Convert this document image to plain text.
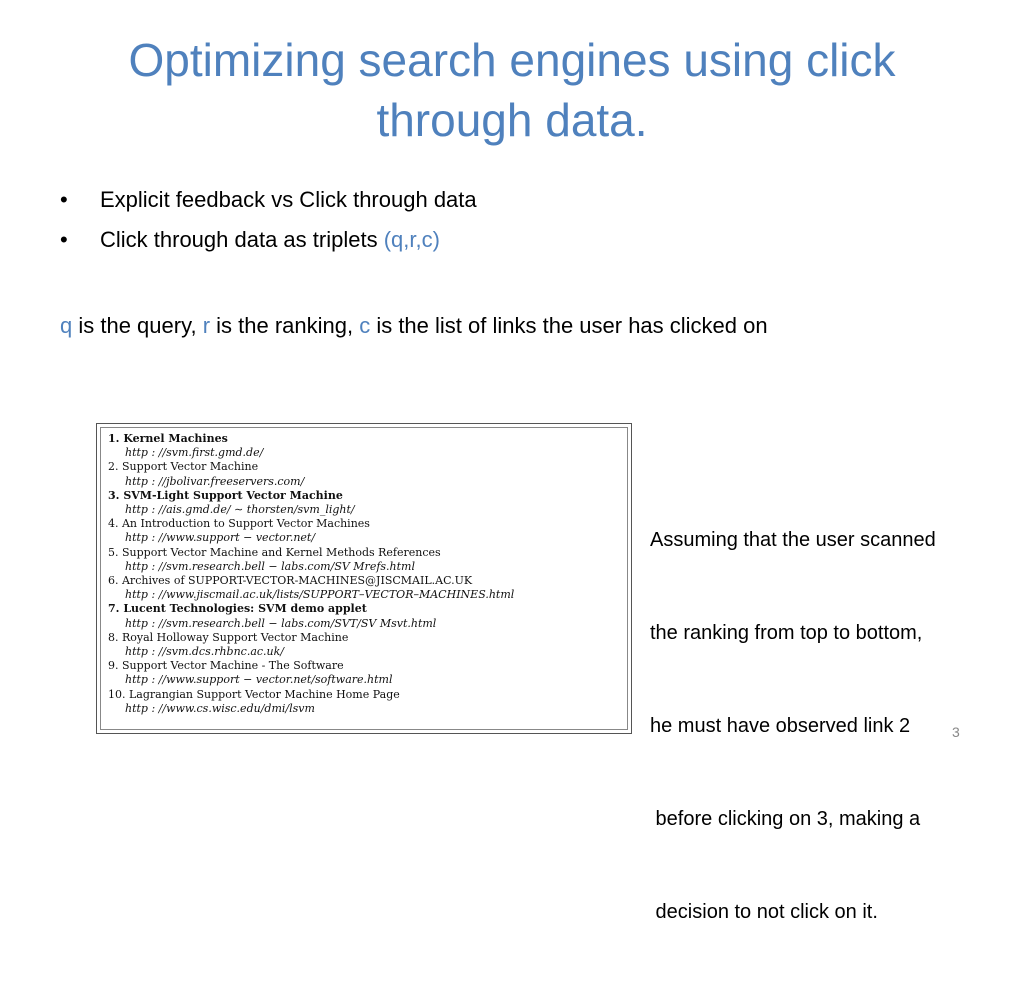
Optimizing search engines using click
through data.
• Explicit feedback vs Click through data
• Click through data as triplets (q,r,c)
q is the query, r is the ranking, c is the list of links the user has clicked on
1. Kernel Machines
http : //svm.first.gmd.de/
2. Support Vector Machine
http : //jbolivar.freeservers.com/
3. SVM-Light Support Vector Machine
http : //ais.gmd.de/ ∼ thorsten/svm_light/
4. An Introduction to Support Vector Machines
http : //www.support − vector.net/
5. Support Vector Machine and Kernel Methods References
http : //svm.research.bell − labs.com/SV Mrefs.html
6. Archives of SUPPORT-VECTOR-MACHINES@JISCMAIL.AC.UK
http : //www.jiscmail.ac.uk/lists/SUPPORT–VECTOR–MACHINES.html
7. Lucent Technologies: SVM demo applet
http : //svm.research.bell − labs.com/SVT/SV Msvt.html
8. Royal Holloway Support Vector Machine
http : //svm.dcs.rhbnc.ac.uk/
9. Support Vector Machine - The Software
http : //www.support − vector.net/software.html
10. Lagrangian Support Vector Machine Home Page
http : //www.cs.wisc.edu/dmi/lsvm

Assuming that the user scanned

the ranking from top to bottom,

he must have observed link 2

before clicking on 3, making a

decision to not click on it.

3
